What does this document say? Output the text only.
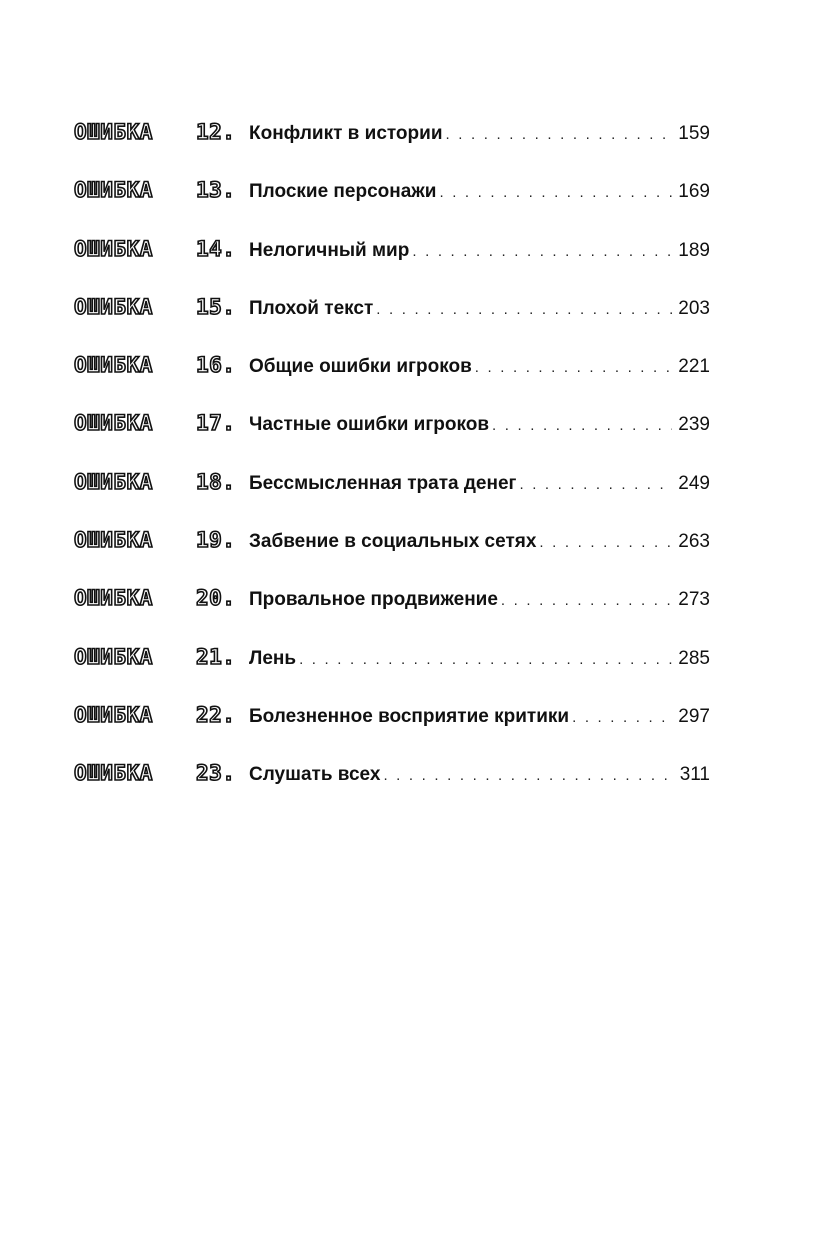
ОШИБКА	12. Конфликт в истории . . .	159
ОШИБКА	13. Плоские персонажи . . .	169
ОШИБКА	14. Нелогичный мир . . .	189
ОШИБКА	15. Плохой текст . . .	203
ОШИБКА	16. Общие ошибки игроков . . .	221
ОШИБКА	17. Частные ошибки игроков . . .	239
ОШИБКА	18. Бессмысленная трата денег . . .	249
ОШИБКА	19. Забвение в социальных сетях . . .	263
ОШИБКА	20. Провальное продвижение . . .	273
ОШИБКА	21. Лень . . .	285
ОШИБКА	22. Болезненное восприятие критики . . .	297
ОШИБКА	23. Слушать всех . . .	311
